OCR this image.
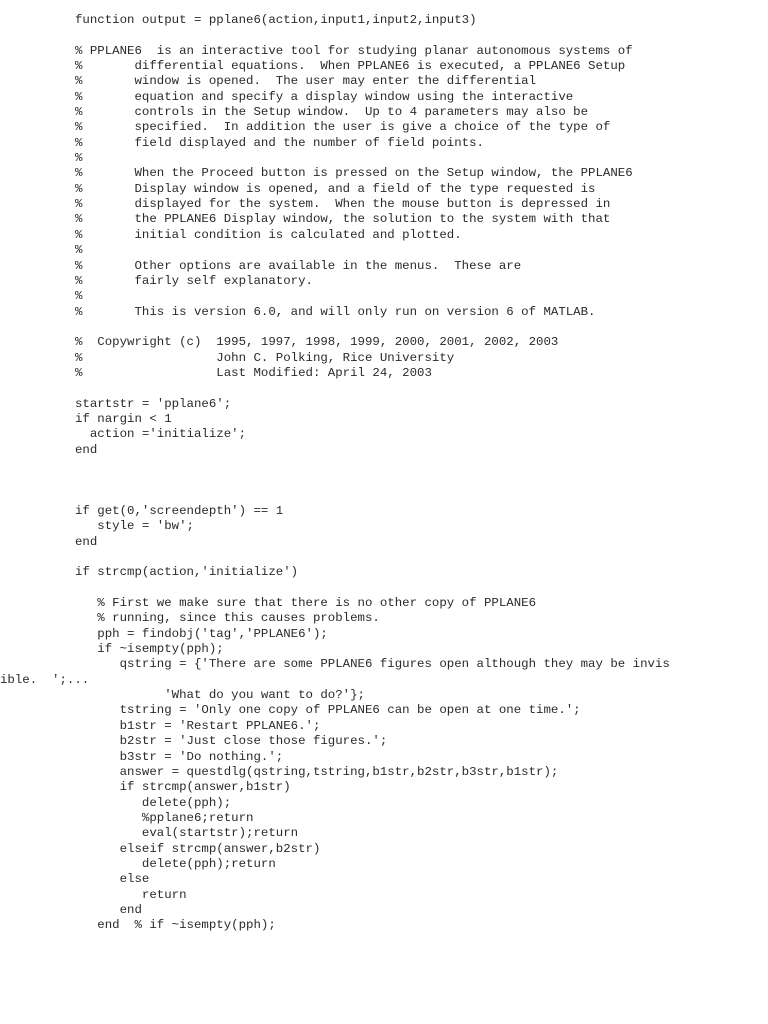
function output = pplane6(action,input1,input2,input3)
% PPLANE6  is an interactive tool for studying planar autonomous systems of
%       differential equations.  When PPLANE6 is executed, a PPLANE6 Setup
%       window is opened.  The user may enter the differential
%       equation and specify a display window using the interactive
%       controls in the Setup window.  Up to 4 parameters may also be
%       specified.  In addition the user is give a choice of the type of
%       field displayed and the number of field points.
%
%       When the Proceed button is pressed on the Setup window, the PPLANE6
%       Display window is opened, and a field of the type requested is
%       displayed for the system.  When the mouse button is depressed in
%       the PPLANE6 Display window, the solution to the system with that
%       initial condition is calculated and plotted.
%
%       Other options are available in the menus.  These are
%       fairly self explanatory.
%
%       This is version 6.0, and will only run on version 6 of MATLAB.
%  Copywright (c)  1995, 1997, 1998, 1999, 2000, 2001, 2002, 2003
%                  John C. Polking, Rice University
%                  Last Modified: April 24, 2003
startstr = 'pplane6';
if nargin < 1
action ='initialize';
end
if get(0,'screendepth') == 1
style = 'bw';
end
if strcmp(action,'initialize')
% First we make sure that there is no other copy of PPLANE6
% running, since this causes problems.
pph = findobj('tag','PPLANE6');
if ~isempty(pph);
qstring = {'There are some PPLANE6 figures open although they may be invis
ible.  ';...
'What do you want to do?'};
tstring = 'Only one copy of PPLANE6 can be open at one time.';
b1str = 'Restart PPLANE6.';
b2str = 'Just close those figures.';
b3str = 'Do nothing.';
answer = questdlg(qstring,tstring,b1str,b2str,b3str,b1str);
if strcmp(answer,b1str)
delete(pph);
%pplane6;return
eval(startstr);return
elseif strcmp(answer,b2str)
delete(pph);return
else
return
end
end  % if ~isempty(pph);
